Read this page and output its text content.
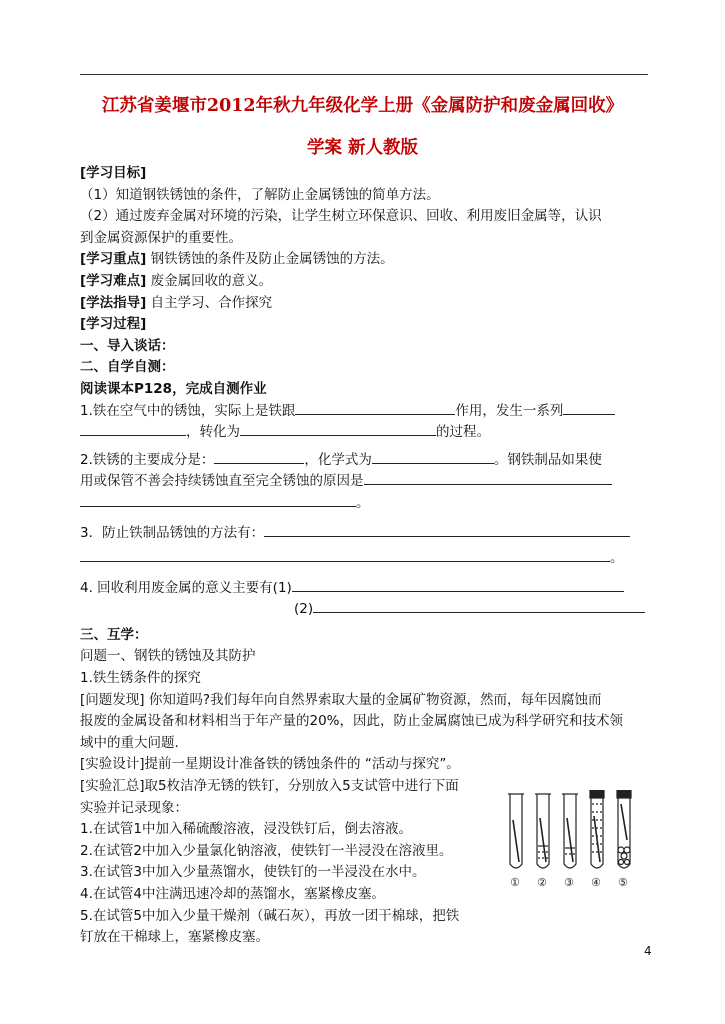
江苏省姜堰市2012年秋九年级化学上册《金属防护和废金属回收》
学案 新人教版

[学习目标]

（1）知道钢铁锈蚀的条件，了解防止金属锈蚀的简单方法。

（2）通过废弃金属对环境的污染，让学生树立环保意识、回收、利用废旧金属等，认识

到金属资源保护的重要性。

[学习重点] 钢铁锈蚀的条件及防止金属锈蚀的方法。

[学习难点] 废金属回收的意义。

[学法指导] 自主学习、合作探究

[学习过程]

一、导入谈话：

二、自学自测：

阅读课本P128，完成自测作业

1.铁在空气中的锈蚀，实际上是铁跟	作用，发生一系列

，转化为	的过程。

2.铁锈的主要成分是：	，化学式为	。钢铁制品如果使

用或保管不善会持续锈蚀直至完全锈蚀的原因是

。

3．防止铁制品锈蚀的方法有：

。

4. 回收利用废金属的意义主要有(1)

(2)

三、互学：

问题一、钢铁的锈蚀及其防护

1.铁生锈条件的探究

[问题发现] 你知道吗?我们每年向自然界索取大量的金属矿物资源，然而，每年因腐蚀而

报废的金属设备和材料相当于年产量的20%，因此，防止金属腐蚀已成为科学研究和技术领

域中的重大问题.

[实验设计]提前一星期设计准备铁的锈蚀条件的 “活动与探究”。

[实验汇总]取5枚洁净无锈的铁钉，分别放入5支试管中进行下面

实验并记录现象：

1.在试管1中加入稀硫酸溶液，浸没铁钉后，倒去溶液。

2.在试管2中加入少量氯化钠溶液，使铁钉一半浸没在溶液里。

3.在试管3中加入少量蒸馏水，使铁钉的一半浸没在水中。

4.在试管4中注满迅速冷却的蒸馏水，塞紧橡皮塞。

5.在试管5中加入少量干燥剂（碱石灰），再放一团干棉球，把铁

钉放在干棉球上，塞紧橡皮塞。

① ② ③ ④ ⑤
4
